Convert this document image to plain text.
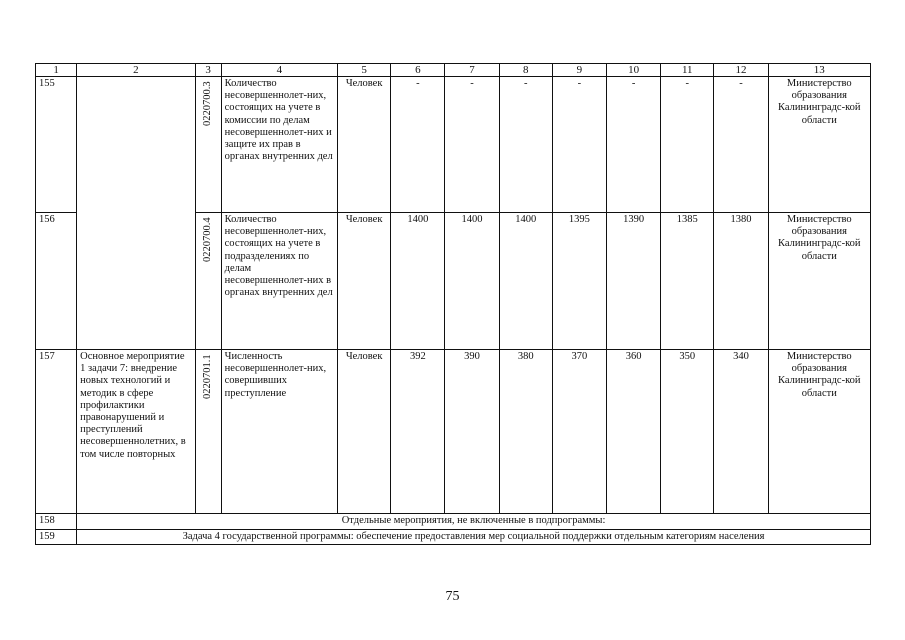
1	2	3	4	5	6	7	8	9	10	11	12	13
155		0220700.3	Количество несовершеннолет-них, состоящих на учете в комиссии по делам несовершеннолет-них и защите их прав в органах внутренних дел	Человек	-	-	-	-	-	-	-	Министерство образования Калининградс-кой области
156		0220700.4	Количество несовершеннолет-них, состоящих на учете в подразделениях по делам несовершеннолет-них в органах внутренних дел	Человек	1400	1400	1400	1395	1390	1385	1380	Министерство образования Калининградс-кой области
157	Основное мероприятие 1 задачи 7: внедрение новых технологий и методик в сфере профилактики правонарушений и преступлений несовершеннолетних, в том числе повторных	0220701.1	Численность несовершеннолет-них, совершивших преступление	Человек	392	390	380	370	360	350	340	Министерство образования Калининградс-кой области
158	Отдельные мероприятия, не включенные в подпрограммы:											
159	Задача 4 государственной программы: обеспечение предоставления мер социальной поддержки отдельным категориям населения											
75
